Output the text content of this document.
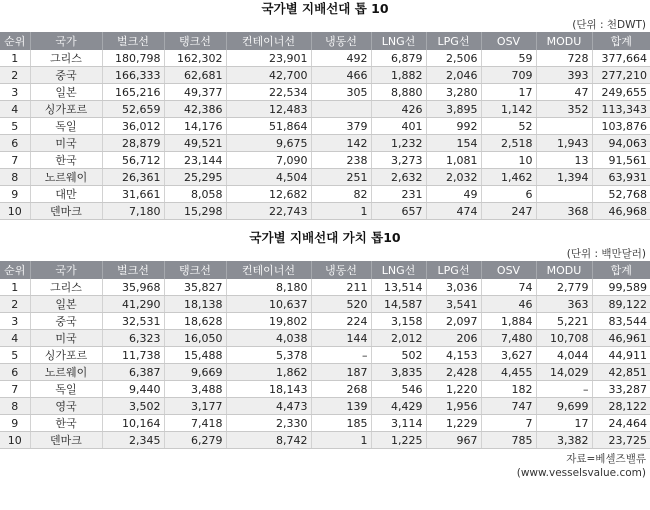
국가별 지배선대 톱 10
(단위 : 천DWT)
순위	국가	벌크선	탱크선	컨테이너선	냉동선	LNG선	LPG선	OSV	MODU	합계
1	그리스	180,798	162,302	23,901	492	6,879	2,506	59	728	377,664
2	중국	166,333	62,681	42,700	466	1,882	2,046	709	393	277,210
3	일본	165,216	49,377	22,534	305	8,880	3,280	17	47	249,655
4	싱가포르	52,659	42,386	12,483		426	3,895	1,142	352	113,343
5	독일	36,012	14,176	51,864	379	401	992	52		103,876
6	미국	28,879	49,521	9,675	142	1,232	154	2,518	1,943	94,063
7	한국	56,712	23,144	7,090	238	3,273	1,081	10	13	91,561
8	노르웨이	26,361	25,295	4,504	251	2,632	2,032	1,462	1,394	63,931
9	대만	31,661	8,058	12,682	82	231	49	6		52,768
10	덴마크	7,180	15,298	22,743	1	657	474	247	368	46,968
국가별 지배선대 가치 톱10
(단위 : 백만달러)
순위	국가	벌크선	탱크선	컨테이너선	냉동선	LNG선	LPG선	OSV	MODU	합계
1	그리스	35,968	35,827	8,180	211	13,514	3,036	74	2,779	99,589
2	일본	41,290	18,138	10,637	520	14,587	3,541	46	363	89,122
3	중국	32,531	18,628	19,802	224	3,158	2,097	1,884	5,221	83,544
4	미국	6,323	16,050	4,038	144	2,012	206	7,480	10,708	46,961
5	싱가포르	11,738	15,488	5,378	–	502	4,153	3,627	4,044	44,911
6	노르웨이	6,387	9,669	1,862	187	3,835	2,428	4,455	14,029	42,851
7	독일	9,440	3,488	18,143	268	546	1,220	182	–	33,287
8	영국	3,502	3,177	4,473	139	4,429	1,956	747	9,699	28,122
9	한국	10,164	7,418	2,330	185	3,114	1,229	7	17	24,464
10	덴마크	2,345	6,279	8,742	1	1,225	967	785	3,382	23,725
자료=베셀즈밸류
(www.vesselsvalue.com)
